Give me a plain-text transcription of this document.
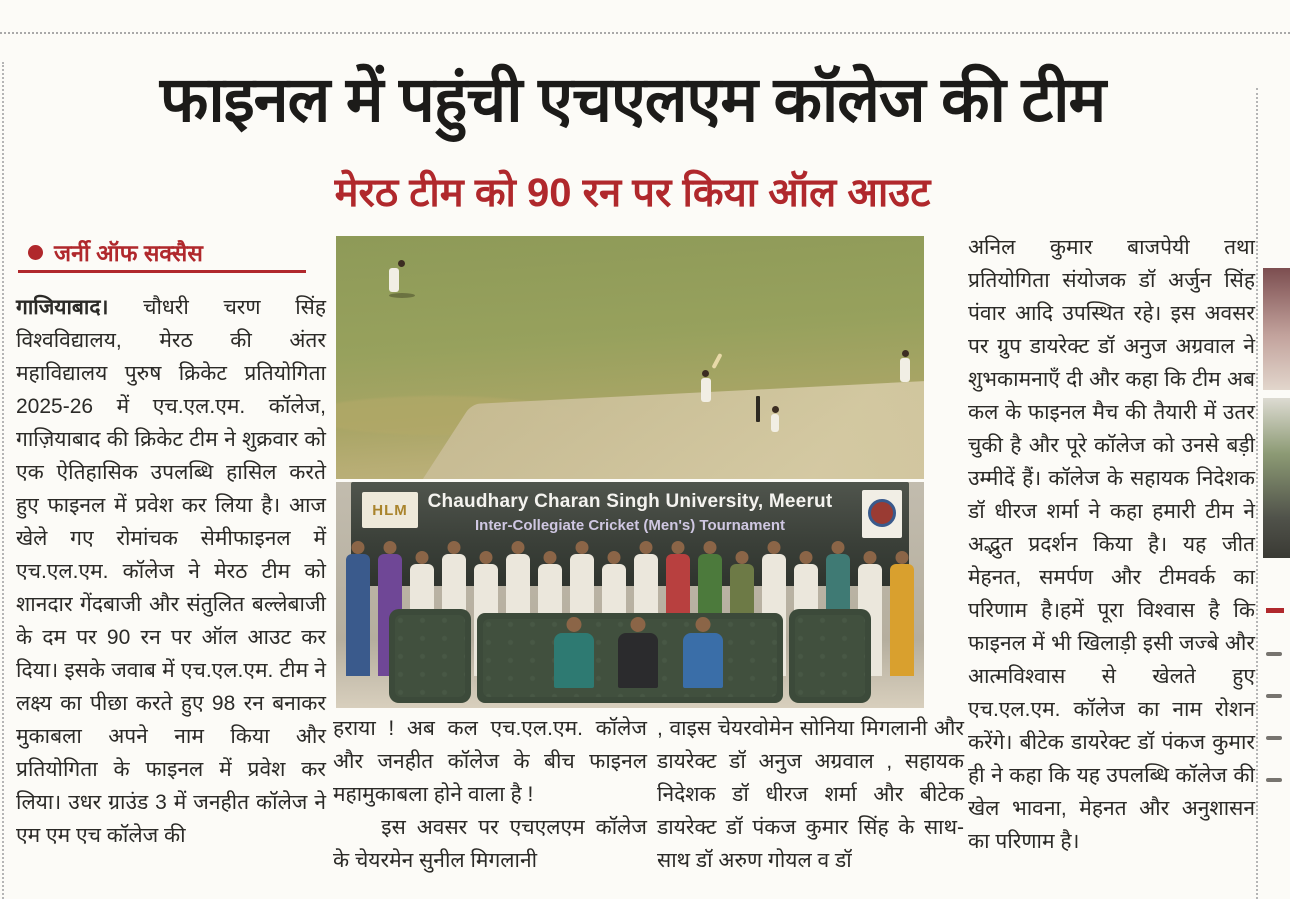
फाइनल में पहुंची एचएलएम कॉलेज की टीम
मेरठ टीम को 90 रन पर किया ऑल आउट
जर्नी ऑफ सक्सैस

गाजियाबाद। चौधरी चरण सिंह विश्वविद्यालय, मेरठ की अंतर महाविद्यालय पुरुष क्रिकेट प्रतियोगिता 2025-26 में एच.एल.एम. कॉलेज, गाज़ियाबाद की क्रिकेट टीम ने शुक्रवार को एक ऐतिहासिक उपलब्धि हासिल करते हुए फाइनल में प्रवेश कर लिया है। आज खेले गए रोमांचक सेमीफाइनल में एच.एल.एम. कॉलेज ने मेरठ टीम को शानदार गेंदबाजी और संतुलित बल्लेबाजी के दम पर 90 रन पर ऑल आउट कर दिया। इसके जवाब में एच.एल.एम. टीम ने लक्ष्य का पीछा करते हुए 98 रन बनाकर मुकाबला अपने नाम किया और प्रतियोगिता के फाइनल में प्रवेश कर लिया। उधर ग्राउंड 3 में जनहीत कॉलेज ने एम एम एच कॉलेज की

Chaudhary Charan Singh University, Meerut
Inter-Collegiate Cricket (Men's) Tournament
HLM

हराया ! अब कल एच.एल.एम. कॉलेज और जनहीत कॉलेज के बीच फाइनल महामुकाबला होने वाला है !

इस अवसर पर एचएलएम कॉलेज के चेयरमेन सुनील मिगलानी

, वाइस चेयरवोमेन सोनिया मिगलानी और डायरेक्ट डॉ अनुज अग्रवाल , सहायक निदेशक डॉ धीरज शर्मा और बीटेक डायरेक्ट डॉ पंकज कुमार सिंह के साथ- साथ डॉ अरुण गोयल व डॉ

अनिल कुमार बाजपेयी तथा प्रतियोगिता संयोजक डॉ अर्जुन सिंह पंवार आदि उपस्थित रहे। इस अवसर पर ग्रुप डायरेक्ट डॉ अनुज अग्रवाल ने शुभकामनाएँ दी और कहा कि टीम अब कल के फाइनल मैच की तैयारी में उतर चुकी है और पूरे कॉलेज को उनसे बड़ी उम्मीदें हैं। कॉलेज के सहायक निदेशक डॉ धीरज शर्मा ने कहा हमारी टीम ने अद्भुत प्रदर्शन किया है। यह जीत मेहनत, समर्पण और टीमवर्क का परिणाम है।हमें पूरा विश्वास है कि फाइनल में भी खिलाड़ी इसी जज्बे और आत्मविश्वास से खेलते हुए एच.एल.एम. कॉलेज का नाम रोशन करेंगे। बीटेक डायरेक्ट डॉ पंकज कुमार ही ने कहा कि यह उपलब्धि कॉलेज की खेल भावना, मेहनत और अनुशासन का परिणाम है।
